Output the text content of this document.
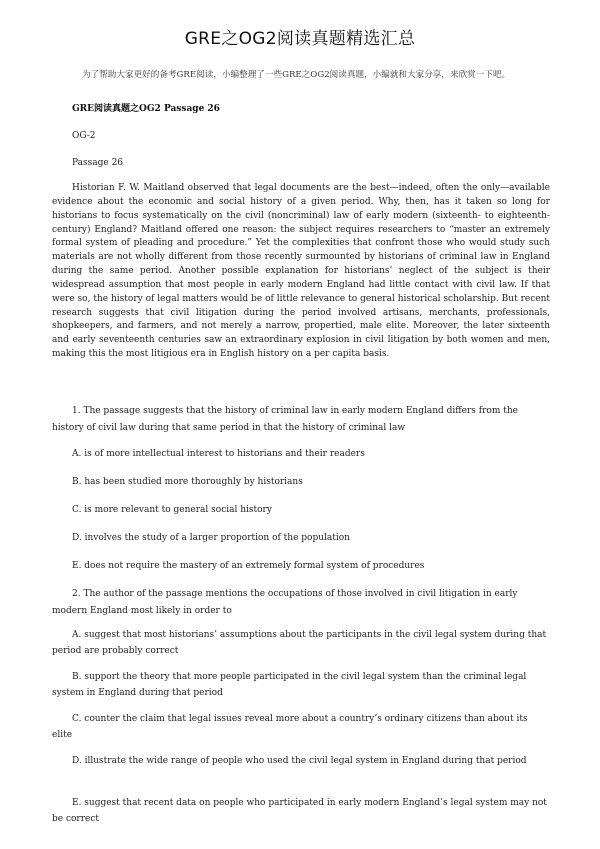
GRE之OG2阅读真题精选汇总
为了帮助大家更好的备考GRE阅读，小编整理了一些GRE之OG2阅读真题，小编就和大家分享，来欣赏一下吧。
GRE阅读真题之OG2 Passage 26
OG-2
Passage 26
Historian F. W. Maitland observed that legal documents are the best—indeed, often the only—available evidence about the economic and social history of a given period. Why, then, has it taken so long for historians to focus systematically on the civil (noncriminal) law of early modern (sixteenth- to eighteenth-century) England? Maitland offered one reason: the subject requires researchers to “master an extremely formal system of pleading and procedure.” Yet the complexities that confront those who would study such materials are not wholly different from those recently surmounted by historians of criminal law in England during the same period. Another possible explanation for historians’ neglect of the subject is their widespread assumption that most people in early modern England had little contact with civil law. If that were so, the history of legal matters would be of little relevance to general historical scholarship. But recent research suggests that civil litigation during the period involved artisans, merchants, professionals, shopkeepers, and farmers, and not merely a narrow, propertied, male elite. Moreover, the later sixteenth and early seventeenth centuries saw an extraordinary explosion in civil litigation by both women and men, making this the most litigious era in English history on a per capita basis.
1. The passage suggests that the history of criminal law in early modern England differs from the history of civil law during that same period in that the history of criminal law
A. is of more intellectual interest to historians and their readers
B. has been studied more thoroughly by historians
C. is more relevant to general social history
D. involves the study of a larger proportion of the population
E. does not require the mastery of an extremely formal system of procedures
2. The author of the passage mentions the occupations of those involved in civil litigation in early modern England most likely in order to
A. suggest that most historians’ assumptions about the participants in the civil legal system during that period are probably correct
B. support the theory that more people participated in the civil legal system than the criminal legal system in England during that period
C. counter the claim that legal issues reveal more about a country’s ordinary citizens than about its elite
D. illustrate the wide range of people who used the civil legal system in England during that period
E. suggest that recent data on people who participated in early modern England’s legal system may not be correct
